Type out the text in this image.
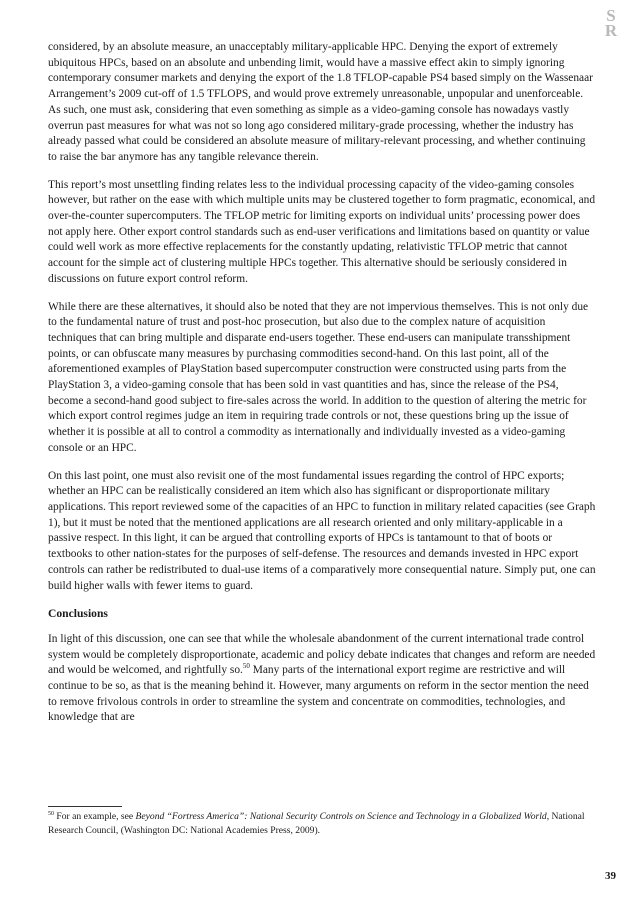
S
R

considered, by an absolute measure, an unacceptably military-applicable HPC. Denying the export of extremely ubiquitous HPCs, based on an absolute and unbending limit, would have a massive effect akin to simply ignoring contemporary consumer markets and denying the export of the 1.8 TFLOP-capable PS4 based simply on the Wassenaar Arrangement’s 2009 cut-off of 1.5 TFLOPS, and would prove extremely unreasonable, unpopular and unenforceable. As such, one must ask, considering that even something as simple as a video-gaming console has nowadays vastly overrun past measures for what was not so long ago considered military-grade processing, whether the industry has already passed what could be considered an absolute measure of military-relevant processing, and whether continuing to raise the bar anymore has any tangible relevance therein.

This report’s most unsettling finding relates less to the individual processing capacity of the video-gaming consoles however, but rather on the ease with which multiple units may be clustered together to form pragmatic, economical, and over-the-counter supercomputers. The TFLOP metric for limiting exports on individual units’ processing power does not apply here. Other export control standards such as end-user verifications and limitations based on quantity or value could well work as more effective replacements for the constantly updating, relativistic TFLOP metric that cannot account for the simple act of clustering multiple HPCs together. This alternative should be seriously considered in discussions on future export control reform.

While there are these alternatives, it should also be noted that they are not impervious themselves. This is not only due to the fundamental nature of trust and post-hoc prosecution, but also due to the complex nature of acquisition techniques that can bring multiple and disparate end-users together. These end-users can manipulate transshipment points, or can obfuscate many measures by purchasing commodities second-hand. On this last point, all of the aforementioned examples of PlayStation based supercomputer construction were constructed using parts from the PlayStation 3, a video-gaming console that has been sold in vast quantities and has, since the release of the PS4, become a second-hand good subject to fire-sales across the world. In addition to the question of altering the metric for which export control regimes judge an item in requiring trade controls or not, these questions bring up the issue of whether it is possible at all to control a commodity as internationally and individually invested as a video-gaming console or an HPC.

On this last point, one must also revisit one of the most fundamental issues regarding the control of HPC exports; whether an HPC can be realistically considered an item which also has significant or disproportionate military applications. This report reviewed some of the capacities of an HPC to function in military related capacities (see Graph 1), but it must be noted that the mentioned applications are all research oriented and only military-applicable in a passive respect. In this light, it can be argued that controlling exports of HPCs is tantamount to that of boots or textbooks to other nation-states for the purposes of self-defense. The resources and demands invested in HPC export controls can rather be redistributed to dual-use items of a comparatively more consequential nature. Simply put, one can build higher walls with fewer items to guard.

Conclusions

In light of this discussion, one can see that while the wholesale abandonment of the current international trade control system would be completely disproportionate, academic and policy debate indicates that changes and reform are needed and would be welcomed, and rightfully so.$^{50}$ Many parts of the international export regime are restrictive and will continue to be so, as that is the meaning behind it. However, many arguments on reform in the sector mention the need to remove frivolous controls in order to streamline the system and concentrate on commodities, technologies, and knowledge that are

$^{50}$ For an example, see Beyond “Fortress America”: National Security Controls on Science and Technology in a Globalized World, National Research Council, (Washington DC: National Academies Press, 2009).
39
